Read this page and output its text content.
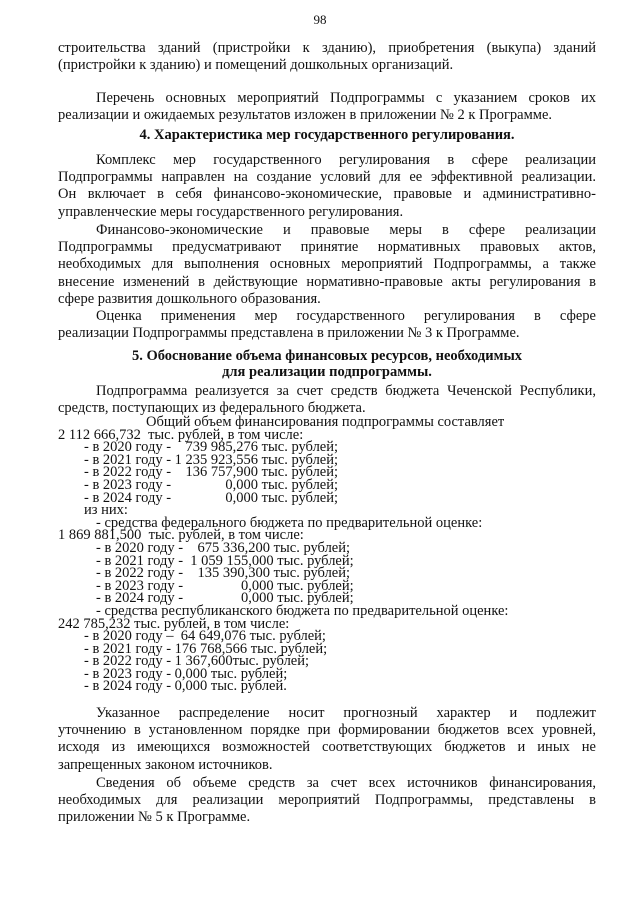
98
строительства зданий (пристройки к зданию), приобретения (выкупа) зданий
(пристройки к зданию) и помещений дошкольных организаций.
Перечень основных мероприятий Подпрограммы с указанием сроков их
реализации и ожидаемых результатов изложен в приложении № 2 к Программе.
4. Характеристика мер государственного регулирования.
Комплекс мер государственного регулирования в сфере реализации
Подпрограммы направлен на создание условий для ее эффективной реализации.
Он включает в себя финансово-экономические, правовые и административно-
управленческие меры государственного регулирования.
Финансово-экономические и правовые меры в сфере реализации
Подпрограммы предусматривают принятие нормативных правовых актов,
необходимых для выполнения основных мероприятий Подпрограммы, а также
внесение изменений в действующие нормативно-правовые акты регулирования в
сфере развития дошкольного образования.
Оценка применения мер государственного регулирования в сфере
реализации Подпрограммы представлена в приложении № 3 к Программе.
5. Обоснование объема финансовых ресурсов, необходимых
для реализации подпрограммы.
Подпрограмма реализуется за счет средств бюджета Чеченской Республики,
средств, поступающих из федерального бюджета.
Общий объем финансирования подпрограммы составляет
2 112 666,732  тыс. рублей, в том числе:
- в 2020 году -    739 985,276 тыс. рублей;
- в 2021 году - 1 235 923,556 тыс. рублей;
- в 2022 году -    136 757,900 тыс. рублей;
- в 2023 году -               0,000 тыс. рублей;
- в 2024 году -               0,000 тыс. рублей;
из них:
- средства федерального бюджета по предварительной оценке:
1 869 881,500  тыс. рублей, в том числе:
- в 2020 году -    675 336,200 тыс. рублей;
- в 2021 году -  1 059 155,000 тыс. рублей;
- в 2022 году -    135 390,300 тыс. рублей;
- в 2023 году -                0,000 тыс. рублей;
- в 2024 году -                0,000 тыс. рублей;
- средства республиканского бюджета по предварительной оценке:
242 785,232 тыс. рублей, в том числе:
- в 2020 году –  64 649,076 тыс. рублей;
- в 2021 году - 176 768,566 тыс. рублей;
- в 2022 году - 1 367,600тыс. рублей;
- в 2023 году - 0,000 тыс. рублей;
- в 2024 году - 0,000 тыс. рублей.
Указанное распределение носит прогнозный характер и подлежит
уточнению в установленном порядке при формировании бюджетов всех уровней,
исходя из имеющихся возможностей соответствующих бюджетов и иных не
запрещенных законом источников.
Сведения об объеме средств за счет всех источников финансирования,
необходимых для реализации мероприятий Подпрограммы, представлены в
приложении № 5 к Программе.
